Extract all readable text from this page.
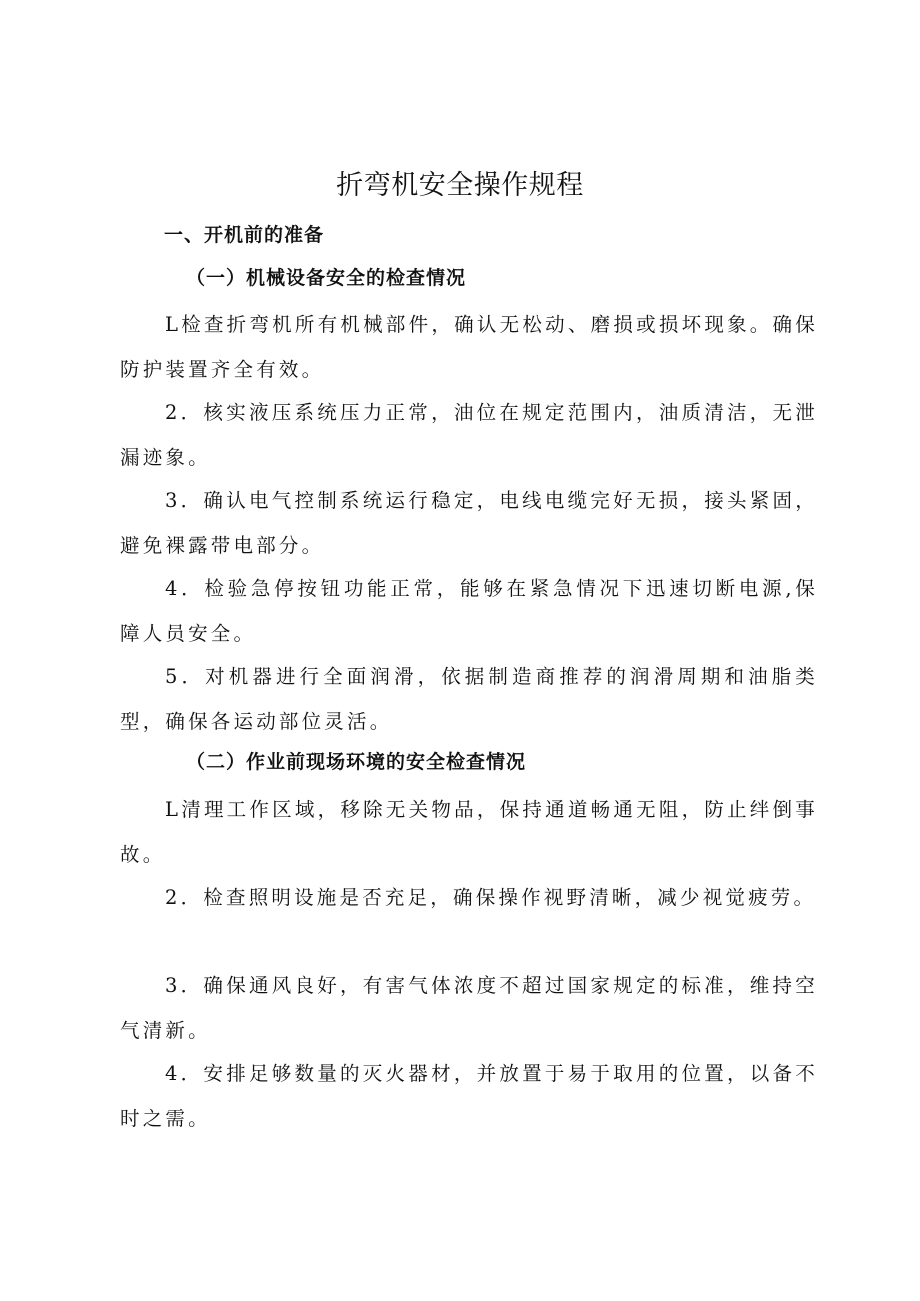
折弯机安全操作规程
一、开机前的准备
（一）机械设备安全的检查情况
L检查折弯机所有机械部件，确认无松动、磨损或损坏现象。确保防护装置齐全有效。
2．核实液压系统压力正常，油位在规定范围内，油质清洁，无泄漏迹象。
3．确认电气控制系统运行稳定，电线电缆完好无损，接头紧固，避免裸露带电部分。
4．检验急停按钮功能正常，能够在紧急情况下迅速切断电源,保障人员安全。
5．对机器进行全面润滑，依据制造商推荐的润滑周期和油脂类型，确保各运动部位灵活。
（二）作业前现场环境的安全检查情况
L清理工作区域，移除无关物品，保持通道畅通无阻，防止绊倒事故。
2．检查照明设施是否充足，确保操作视野清晰，减少视觉疲劳。
3．确保通风良好，有害气体浓度不超过国家规定的标准，维持空气清新。
4．安排足够数量的灭火器材，并放置于易于取用的位置，以备不时之需。
